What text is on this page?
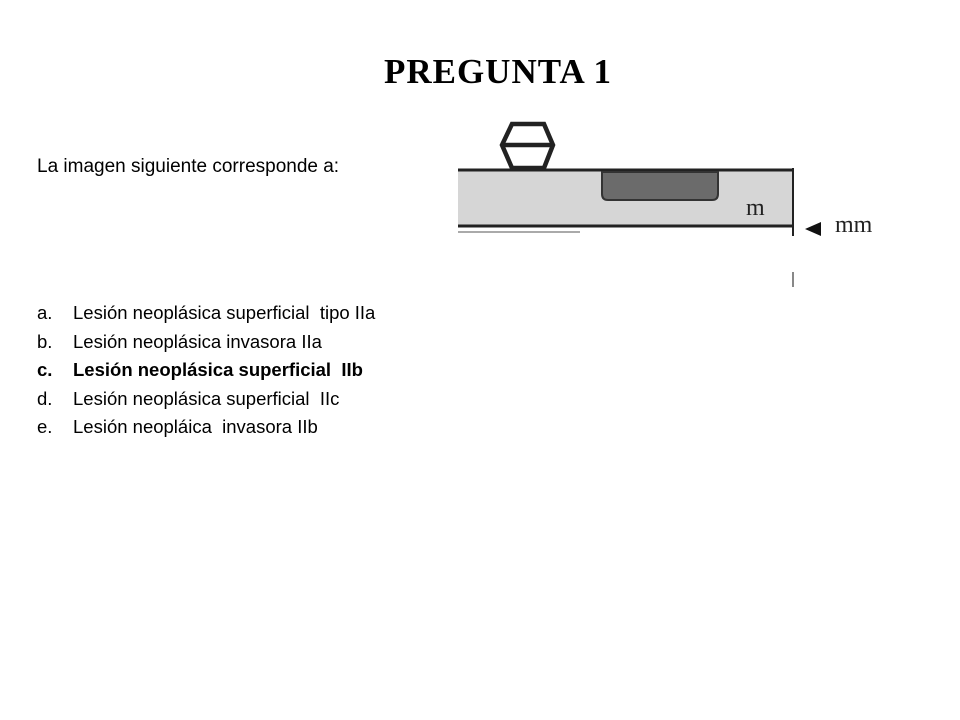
PREGUNTA 1

La imagen siguiente corresponde a:

m
mm
a.	Lesión neoplásica superficial  tipo IIa
b.	Lesión neoplásica invasora IIa
c.	Lesión neoplásica superficial  IIb
d.	Lesión neoplásica superficial  IIc
e.	Lesión neopláica  invasora IIb
